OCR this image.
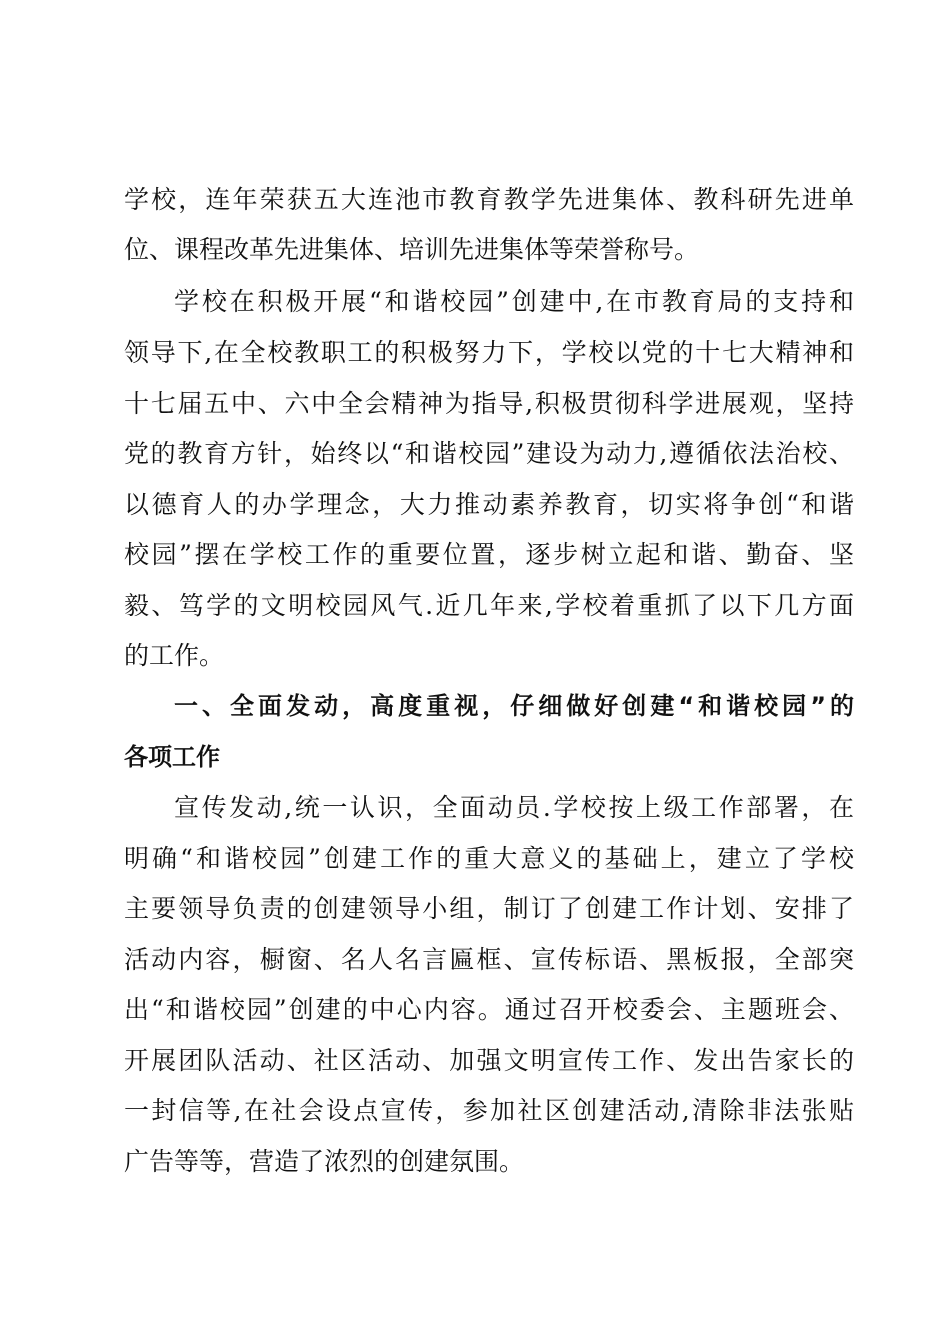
学校，连年荣获五大连池市教育教学先进集体、教科研先进单
位、课程改革先进集体、培训先进集体等荣誉称号。
学校在积极开展“和谐校园”创建中,在市教育局的支持和
领导下,在全校教职工的积极努力下，学校以党的十七大精神和
十七届五中、六中全会精神为指导,积极贯彻科学进展观，坚持
党的教育方针，始终以“和谐校园”建设为动力,遵循依法治校、
以德育人的办学理念，大力推动素养教育，切实将争创“和谐
校园”摆在学校工作的重要位置，逐步树立起和谐、勤奋、坚
毅、笃学的文明校园风气.近几年来,学校着重抓了以下几方面
的工作。
一、全面发动，高度重视，仔细做好创建“和谐校园”的
各项工作
宣传发动,统一认识，全面动员.学校按上级工作部署，在
明确“和谐校园”创建工作的重大意义的基础上，建立了学校
主要领导负责的创建领导小组，制订了创建工作计划、安排了
活动内容，橱窗、名人名言匾框、宣传标语、黑板报，全部突
出“和谐校园”创建的中心内容。通过召开校委会、主题班会、
开展团队活动、社区活动、加强文明宣传工作、发出告家长的
一封信等,在社会设点宣传，参加社区创建活动,清除非法张贴
广告等等，营造了浓烈的创建氛围。
